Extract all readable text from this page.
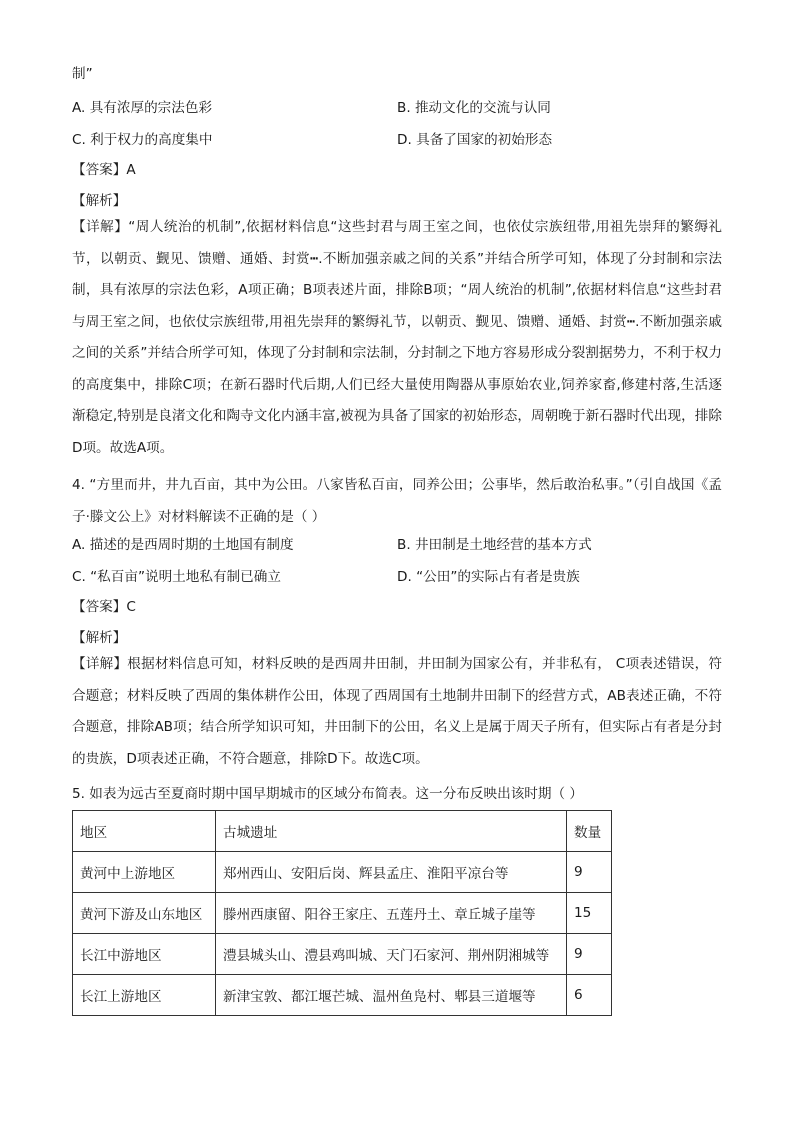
制”
A. 具有浓厚的宗法色彩	B. 推动文化的交流与认同
C. 利于权力的高度集中	D. 具备了国家的初始形态
【答案】A
【解析】
【详解】“周人统治的机制”,依据材料信息“这些封君与周王室之间，也依仗宗族纽带,用祖先崇拜的繁缛礼节，以朝贡、觐见、馈赠、通婚、封赏┅.不断加强亲戚之间的关系”并结合所学可知，体现了分封制和宗法制，具有浓厚的宗法色彩，A项正确；B项表述片面，排除B项；“周人统治的机制”,依据材料信息“这些封君与周王室之间，也依仗宗族纽带,用祖先崇拜的繁缛礼节，以朝贡、觐见、馈赠、通婚、封赏┅.不断加强亲戚之间的关系”并结合所学可知，体现了分封制和宗法制，分封制之下地方容易形成分裂割据势力，不利于权力的高度集中，排除C项；在新石器时代后期,人们已经大量使用陶器从事原始农业,饲养家畜,修建村落,生活逐渐稳定,特别是良渚文化和陶寺文化内涵丰富,被视为具备了国家的初始形态，周朝晚于新石器时代出现，排除D项。故选A项。
4. “方里而井，井九百亩，其中为公田。八家皆私百亩，同养公田；公事毕，然后敢治私事。”（引自战国《孟子·滕文公上》对材料解读不正确的是（ ）
A. 描述的是西周时期的土地国有制度	B. 井田制是土地经营的基本方式
C. “私百亩”说明土地私有制已确立	D. “公田”的实际占有者是贵族
【答案】C
【解析】
【详解】根据材料信息可知，材料反映的是西周井田制，井田制为国家公有，并非私有， C项表述错误，符合题意；材料反映了西周的集体耕作公田，体现了西周国有土地制井田制下的经营方式，AB表述正确，不符合题意，排除AB项；结合所学知识可知，井田制下的公田，名义上是属于周天子所有，但实际占有者是分封的贵族，D项表述正确，不符合题意，排除D下。故选C项。
5. 如表为远古至夏商时期中国早期城市的区域分布简表。这一分布反映出该时期（ ）
地区	古城遗址	数量
黄河中上游地区	郑州西山、安阳后岗、辉县孟庄、淮阳平凉台等	9
黄河下游及山东地区	滕州西康留、阳谷王家庄、五莲丹土、章丘城子崖等	15
长江中游地区	澧县城头山、澧县鸡叫城、天门石家河、荆州阴湘城等	9
长江上游地区	新津宝敦、都江堰芒城、温州鱼凫村、郫县三道堰等	6
